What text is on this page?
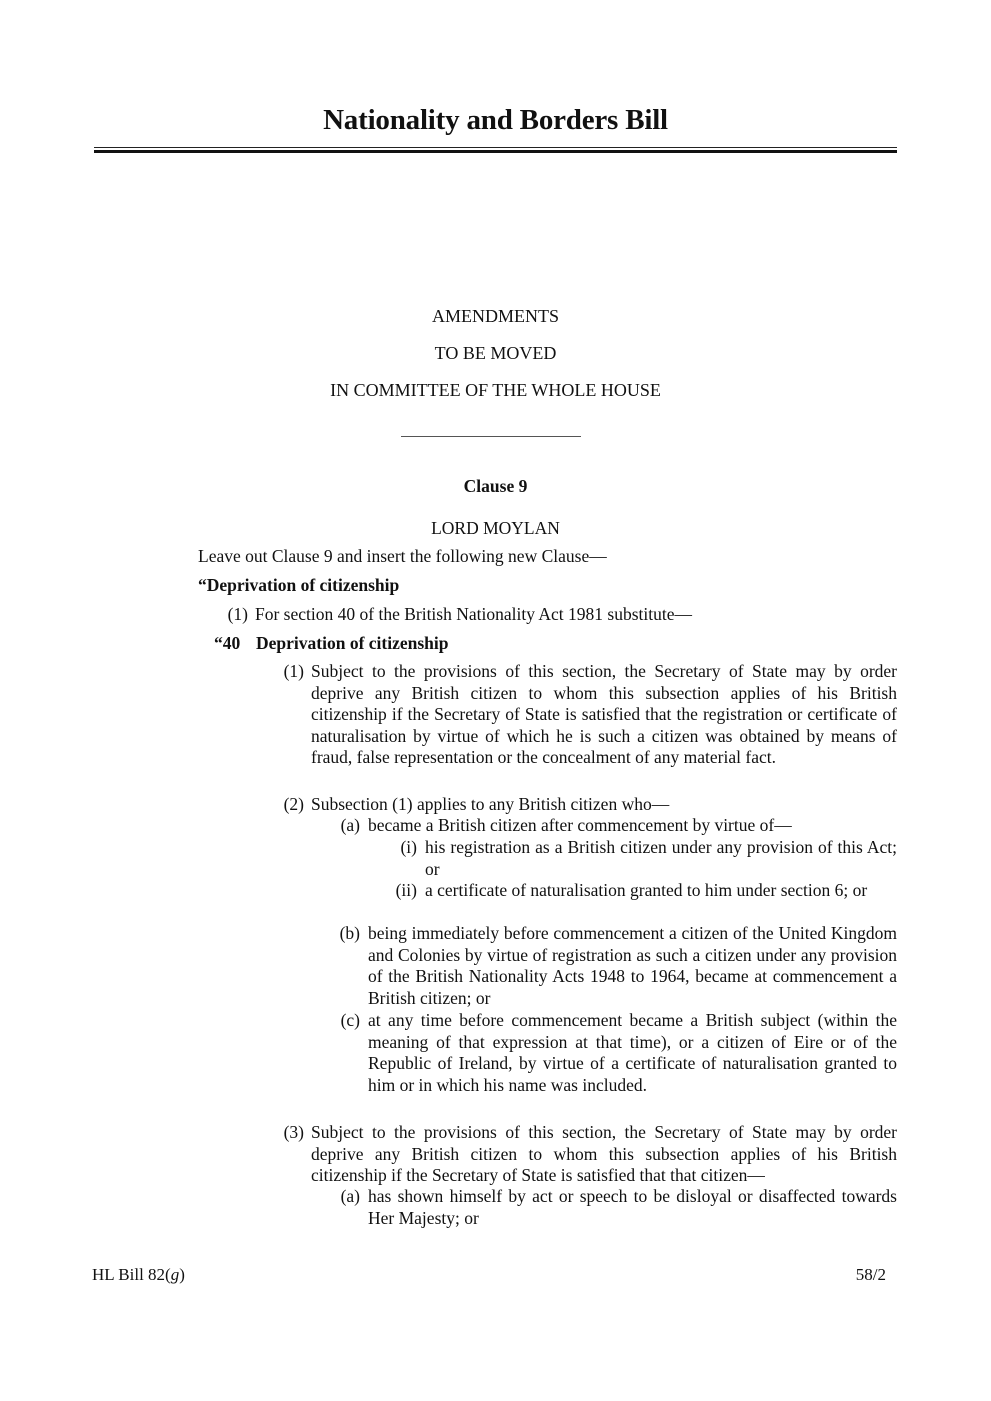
Nationality and Borders Bill
AMENDMENTS
TO BE MOVED
IN COMMITTEE OF THE WHOLE HOUSE
Clause 9
LORD MOYLAN
Leave out Clause 9 and insert the following new Clause—
“Deprivation of citizenship
(1) For section 40 of the British Nationality Act 1981 substitute—
“40 Deprivation of citizenship
(1) Subject to the provisions of this section, the Secretary of State may by order deprive any British citizen to whom this subsection applies of his British citizenship if the Secretary of State is satisfied that the registration or certificate of naturalisation by virtue of which he is such a citizen was obtained by means of fraud, false representation or the concealment of any material fact.
(2) Subsection (1) applies to any British citizen who—
(a) became a British citizen after commencement by virtue of—
(i) his registration as a British citizen under any provision of this Act; or
(ii) a certificate of naturalisation granted to him under section 6; or
(b) being immediately before commencement a citizen of the United Kingdom and Colonies by virtue of registration as such a citizen under any provision of the British Nationality Acts 1948 to 1964, became at commencement a British citizen; or
(c) at any time before commencement became a British subject (within the meaning of that expression at that time), or a citizen of Eire or of the Republic of Ireland, by virtue of a certificate of naturalisation granted to him or in which his name was included.
(3) Subject to the provisions of this section, the Secretary of State may by order deprive any British citizen to whom this subsection applies of his British citizenship if the Secretary of State is satisfied that that citizen—
(a) has shown himself by act or speech to be disloyal or disaffected towards Her Majesty; or
HL Bill 82(g)	58/2
